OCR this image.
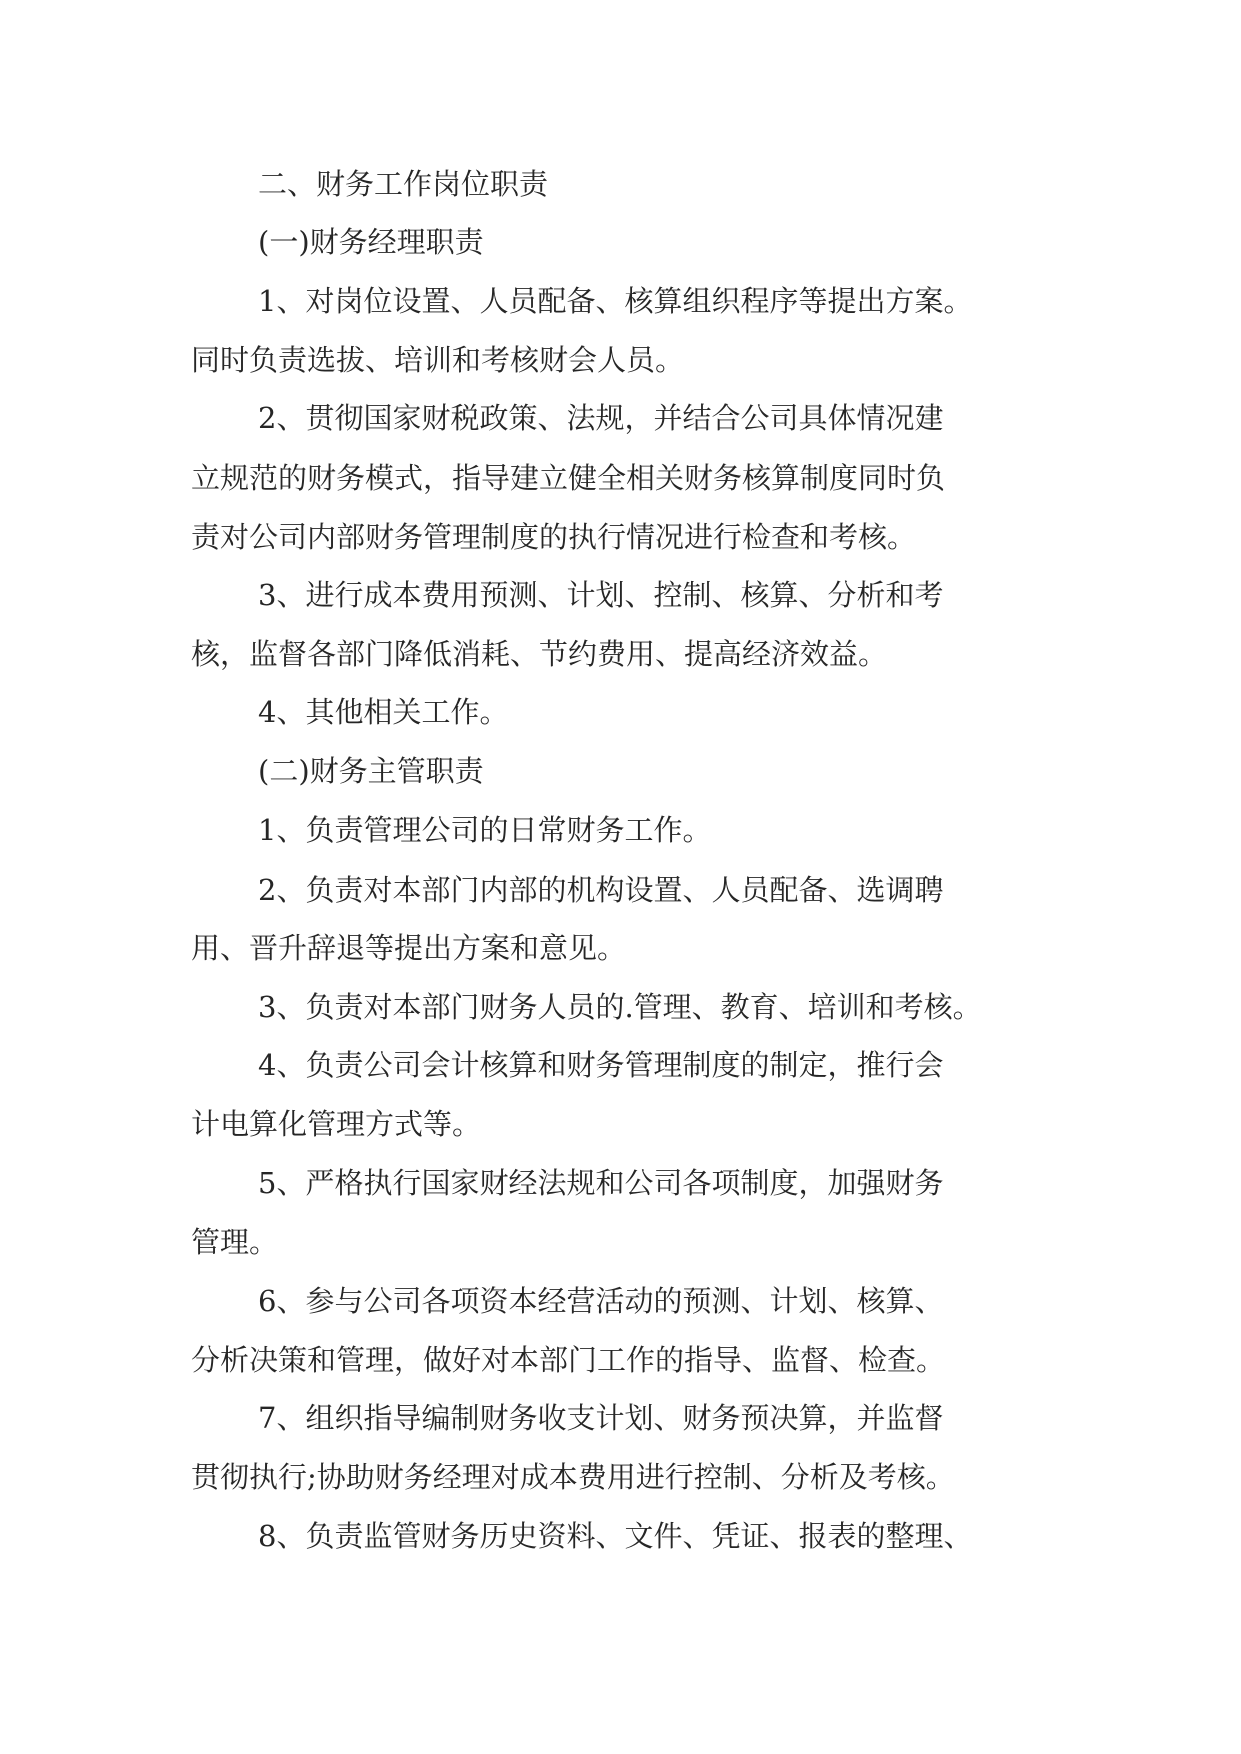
二、财务工作岗位职责
(一)财务经理职责
1、对岗位设置、人员配备、核算组织程序等提出方案。
同时负责选拔、培训和考核财会人员。
2、贯彻国家财税政策、法规，并结合公司具体情况建
立规范的财务模式，指导建立健全相关财务核算制度同时负
责对公司内部财务管理制度的执行情况进行检查和考核。
3、进行成本费用预测、计划、控制、核算、分析和考
核，监督各部门降低消耗、节约费用、提高经济效益。
4、其他相关工作。
(二)财务主管职责
1、负责管理公司的日常财务工作。
2、负责对本部门内部的机构设置、人员配备、选调聘
用、晋升辞退等提出方案和意见。
3、负责对本部门财务人员的.管理、教育、培训和考核。
4、负责公司会计核算和财务管理制度的制定，推行会
计电算化管理方式等。
5、严格执行国家财经法规和公司各项制度，加强财务
管理。
6、参与公司各项资本经营活动的预测、计划、核算、
分析决策和管理，做好对本部门工作的指导、监督、检查。
7、组织指导编制财务收支计划、财务预决算，并监督
贯彻执行;协助财务经理对成本费用进行控制、分析及考核。
8、负责监管财务历史资料、文件、凭证、报表的整理、
